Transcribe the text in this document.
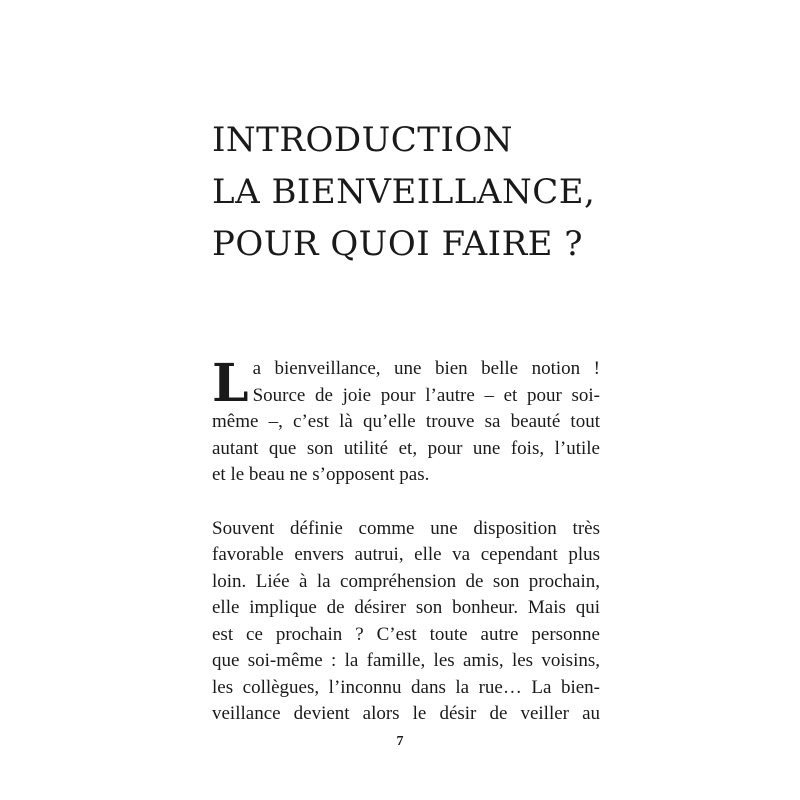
INTRODUCTION
LA BIENVEILLANCE,
POUR QUOI FAIRE ?

L a bienveillance, une bien belle notion !
Source de joie pour l’autre – et pour soi-
même –, c’est là qu’elle trouve sa beauté tout
autant que son utilité et, pour une fois, l’utile
et le beau ne s’opposent pas.

Souvent définie comme une disposition très
favorable envers autrui, elle va cependant plus
loin. Liée à la compréhension de son prochain,
elle implique de désirer son bonheur. Mais qui
est ce prochain ? C’est toute autre personne
que soi-même : la famille, les amis, les voisins,
les collègues, l’inconnu dans la rue… La bien-
veillance devient alors le désir de veiller au

7
